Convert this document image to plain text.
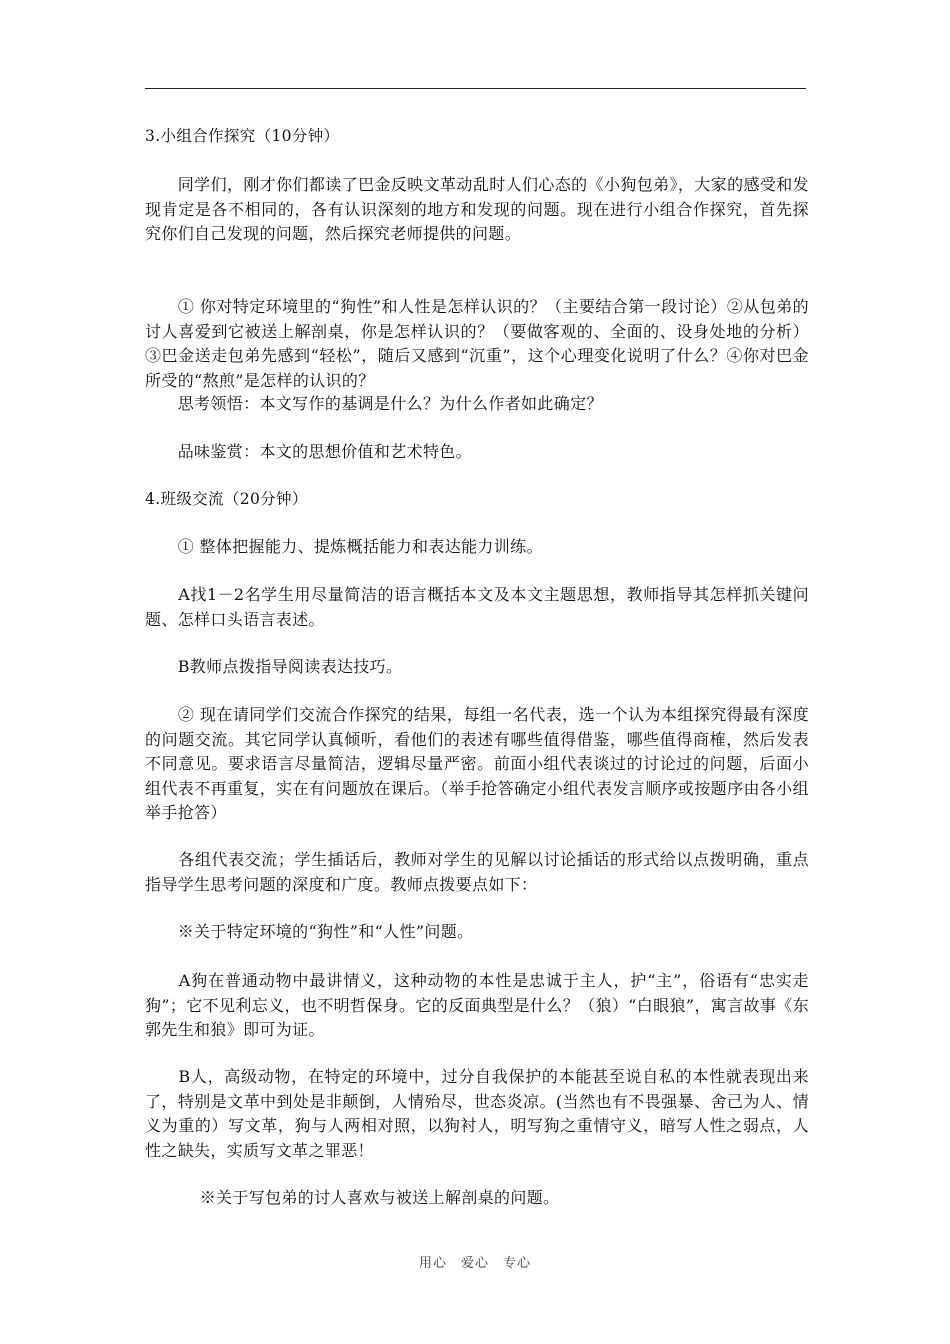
3.小组合作探究（10分钟）

　　同学们，刚才你们都读了巴金反映文革动乱时人们心态的《小狗包弟》，大家的感受和发现肯定是各不相同的，各有认识深刻的地方和发现的问题。现在进行小组合作探究，首先探究你们自己发现的问题，然后探究老师提供的问题。

　　① 你对特定环境里的“狗性”和人性是怎样认识的？（主要结合第一段讨论）②从包弟的讨人喜爱到它被送上解剖桌，你是怎样认识的？（要做客观的、全面的、设身处地的分析）③巴金送走包弟先感到“轻松”，随后又感到“沉重”，这个心理变化说明了什么？④你对巴金所受的“熬煎”是怎样的认识的？

　　思考领悟：本文写作的基调是什么？为什么作者如此确定？

　　品味鉴赏：本文的思想价值和艺术特色。

4.班级交流（20分钟）

　　① 整体把握能力、提炼概括能力和表达能力训练。

　　A找1－2名学生用尽量简洁的语言概括本文及本文主题思想，教师指导其怎样抓关键问题、怎样口头语言表述。

　　B教师点拨指导阅读表达技巧。

　　② 现在请同学们交流合作探究的结果，每组一名代表，选一个认为本组探究得最有深度的问题交流。其它同学认真倾听，看他们的表述有哪些值得借鉴，哪些值得商榷，然后发表不同意见。要求语言尽量简洁，逻辑尽量严密。前面小组代表谈过的讨论过的问题，后面小组代表不再重复，实在有问题放在课后。（举手抢答确定小组代表发言顺序或按题序由各小组举手抢答）

　　各组代表交流；学生插话后，教师对学生的见解以讨论插话的形式给以点拨明确，重点指导学生思考问题的深度和广度。教师点拨要点如下：

　　※关于特定环境的“狗性”和“人性”问题。

　　A狗在普通动物中最讲情义，这种动物的本性是忠诚于主人，护“主”，俗语有“忠实走狗”；它不见利忘义，也不明哲保身。它的反面典型是什么？（狼）“白眼狼”，寓言故事《东郭先生和狼》即可为证。

　　B人，高级动物，在特定的环境中，过分自我保护的本能甚至说自私的本性就表现出来了，特别是文革中到处是非颠倒，人情殆尽，世态炎凉。(当然也有不畏强暴、舍己为人、情义为重的）写文革，狗与人两相对照，以狗衬人，明写狗之重情守义，暗写人性之弱点，人性之缺失，实质写文革之罪恶！

　　※关于写包弟的讨人喜欢与被送上解剖桌的问题。

用心　爱心　专心
